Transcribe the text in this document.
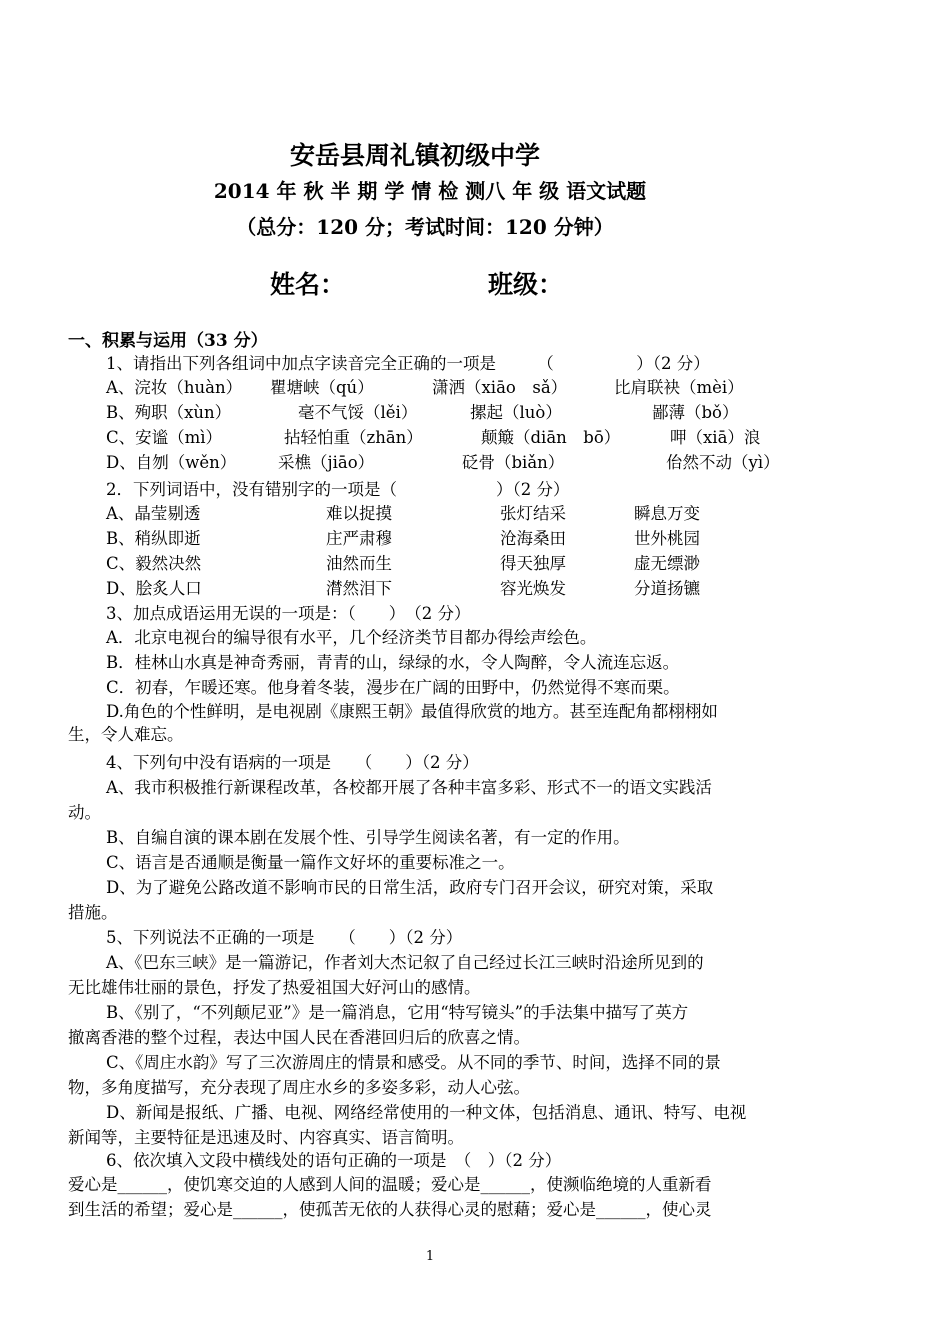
安岳县周礼镇初级中学
2014 年 秋 半 期 学 情 检 测八 年 级 语文试题
（总分：120 分；考试时间：120 分钟）
姓名：	班级：
一、积累与运用（33 分）
1、请指出下列各组词中加点字读音完全正确的一项是　　　（　　　　　）（2 分）
A、浣妆（huàn） 瞿塘峡（qú）	潇洒（xiāo　sǎ）	比肩联袂（mèi）
B、殉职（xùn）	毫不气馁（lěi）	摞起（luò）	鄙薄（bǒ）
C、安谧（mì）	拈轻怕重（zhān）	颠簸（diān　bō）	呷（xiā）浪
D、自刎（wěn）	采樵（jiāo）	砭骨（biǎn）	佁然不动（yì）
2．下列词语中，没有错别字的一项是（　　　　　　）（2 分）
A、晶莹剔透	难以捉摸	张灯结采	瞬息万变
B、稍纵即逝	庄严肃穆	沧海桑田	世外桃园
C、毅然决然	油然而生	得天独厚	虚无缥渺
D、脍炙人口	潸然泪下	容光焕发	分道扬镳
3、加点成语运用无误的一项是：（　　）　（2 分）
A．北京电视台的编导很有水平，几个经济类节目都办得绘声绘色。
B．桂林山水真是神奇秀丽，青青的山，绿绿的水，令人陶醉，令人流连忘返。
C．初春，乍暖还寒。他身着冬装，漫步在广阔的田野中，仍然觉得不寒而栗。
D.角色的个性鲜明，是电视剧《康熙王朝》最值得欣赏的地方。甚至连配角都栩栩如
生，令人难忘。
4、下列句中没有语病的一项是　　（　　）（2 分）
A、我市积极推行新课程改革，各校都开展了各种丰富多彩、形式不一的语文实践活
动。
B、自编自演的课本剧在发展个性、引导学生阅读名著，有一定的作用。
C、语言是否通顺是衡量一篇作文好坏的重要标准之一。
D、为了避免公路改道不影响市民的日常生活，政府专门召开会议，研究对策，采取
措施。
5、下列说法不正确的一项是　　（　　）（2 分）
A、《巴东三峡》是一篇游记，作者刘大杰记叙了自己经过长江三峡时沿途所见到的
无比雄伟壮丽的景色，抒发了热爱祖国大好河山的感情。
B、《别了，“不列颠尼亚”》是一篇消息，它用“特写镜头”的手法集中描写了英方
撤离香港的整个过程，表达中国人民在香港回归后的欣喜之情。
C、《周庄水韵》写了三次游周庄的情景和感受。从不同的季节、时间，选择不同的景
物，多角度描写，充分表现了周庄水乡的多姿多彩，动人心弦。
D、新闻是报纸、广播、电视、网络经常使用的一种文体，包括消息、通讯、特写、电视
新闻等，主要特征是迅速及时、内容真实、语言简明。
6、依次填入文段中横线处的语句正确的一项是　（　）（2 分）
爱心是______，使饥寒交迫的人感到人间的温暖；爱心是______，使濒临绝境的人重新看
到生活的希望；爱心是______，使孤苦无依的人获得心灵的慰藉；爱心是______，使心灵
1
